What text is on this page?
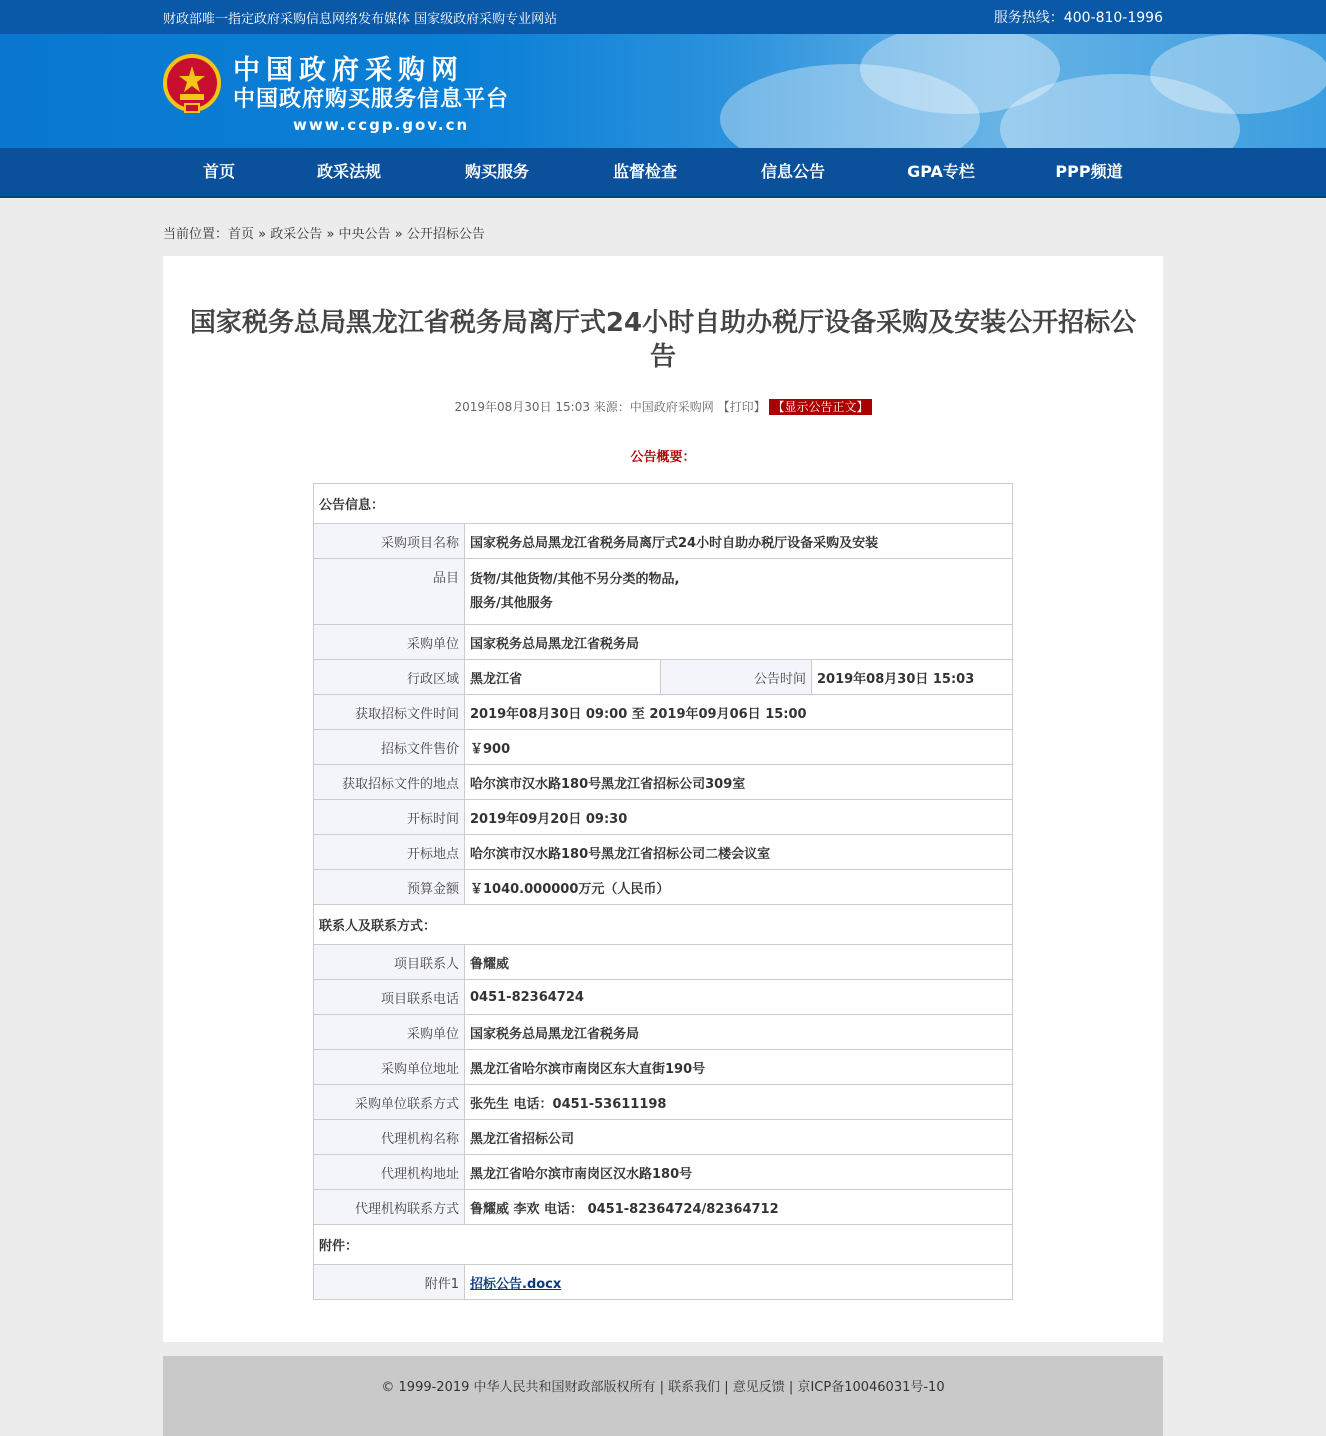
财政部唯一指定政府采购信息网络发布媒体 国家级政府采购专业网站	服务热线：400-810-1996
中国政府采购网
中国政府购买服务信息平台
www.ccgp.gov.cn
首页	政采法规	购买服务	监督检查	信息公告	GPA专栏	PPP频道
当前位置：首页 » 政采公告 » 中央公告 » 公开招标公告
国家税务总局黑龙江省税务局离厅式24小时自助办税厅设备采购及安装公开招标公告
2019年08月30日 15:03 来源：中国政府采购网 【打印】 【显示公告正文】
公告概要：
公告信息：			
采购项目名称	国家税务总局黑龙江省税务局离厅式24小时自助办税厅设备采购及安装		
品目	货物/其他货物/其他不另分类的物品,
服务/其他服务		

采购单位	国家税务总局黑龙江省税务局		
行政区域	黑龙江省	公告时间	2019年08月30日 15:03
获取招标文件时间	2019年08月30日 09:00 至 2019年09月06日 15:00		
招标文件售价	￥900		
获取招标文件的地点	哈尔滨市汉水路180号黑龙江省招标公司309室		
开标时间	2019年09月20日 09:30		
开标地点	哈尔滨市汉水路180号黑龙江省招标公司二楼会议室		
预算金额	￥1040.000000万元（人民币）		
联系人及联系方式：			
项目联系人	鲁耀威		
项目联系电话	0451-82364724		
采购单位	国家税务总局黑龙江省税务局		
采购单位地址	黑龙江省哈尔滨市南岗区东大直街190号		
采购单位联系方式	张先生 电话：0451-53611198		
代理机构名称	黑龙江省招标公司		
代理机构地址	黑龙江省哈尔滨市南岗区汉水路180号		
代理机构联系方式	鲁耀威 李欢 电话： 0451-82364724/82364712		
附件：			
附件1	招标公告.docx		
© 1999-2019 中华人民共和国财政部版权所有 | 联系我们 | 意见反馈 | 京ICP备10046031号-10
